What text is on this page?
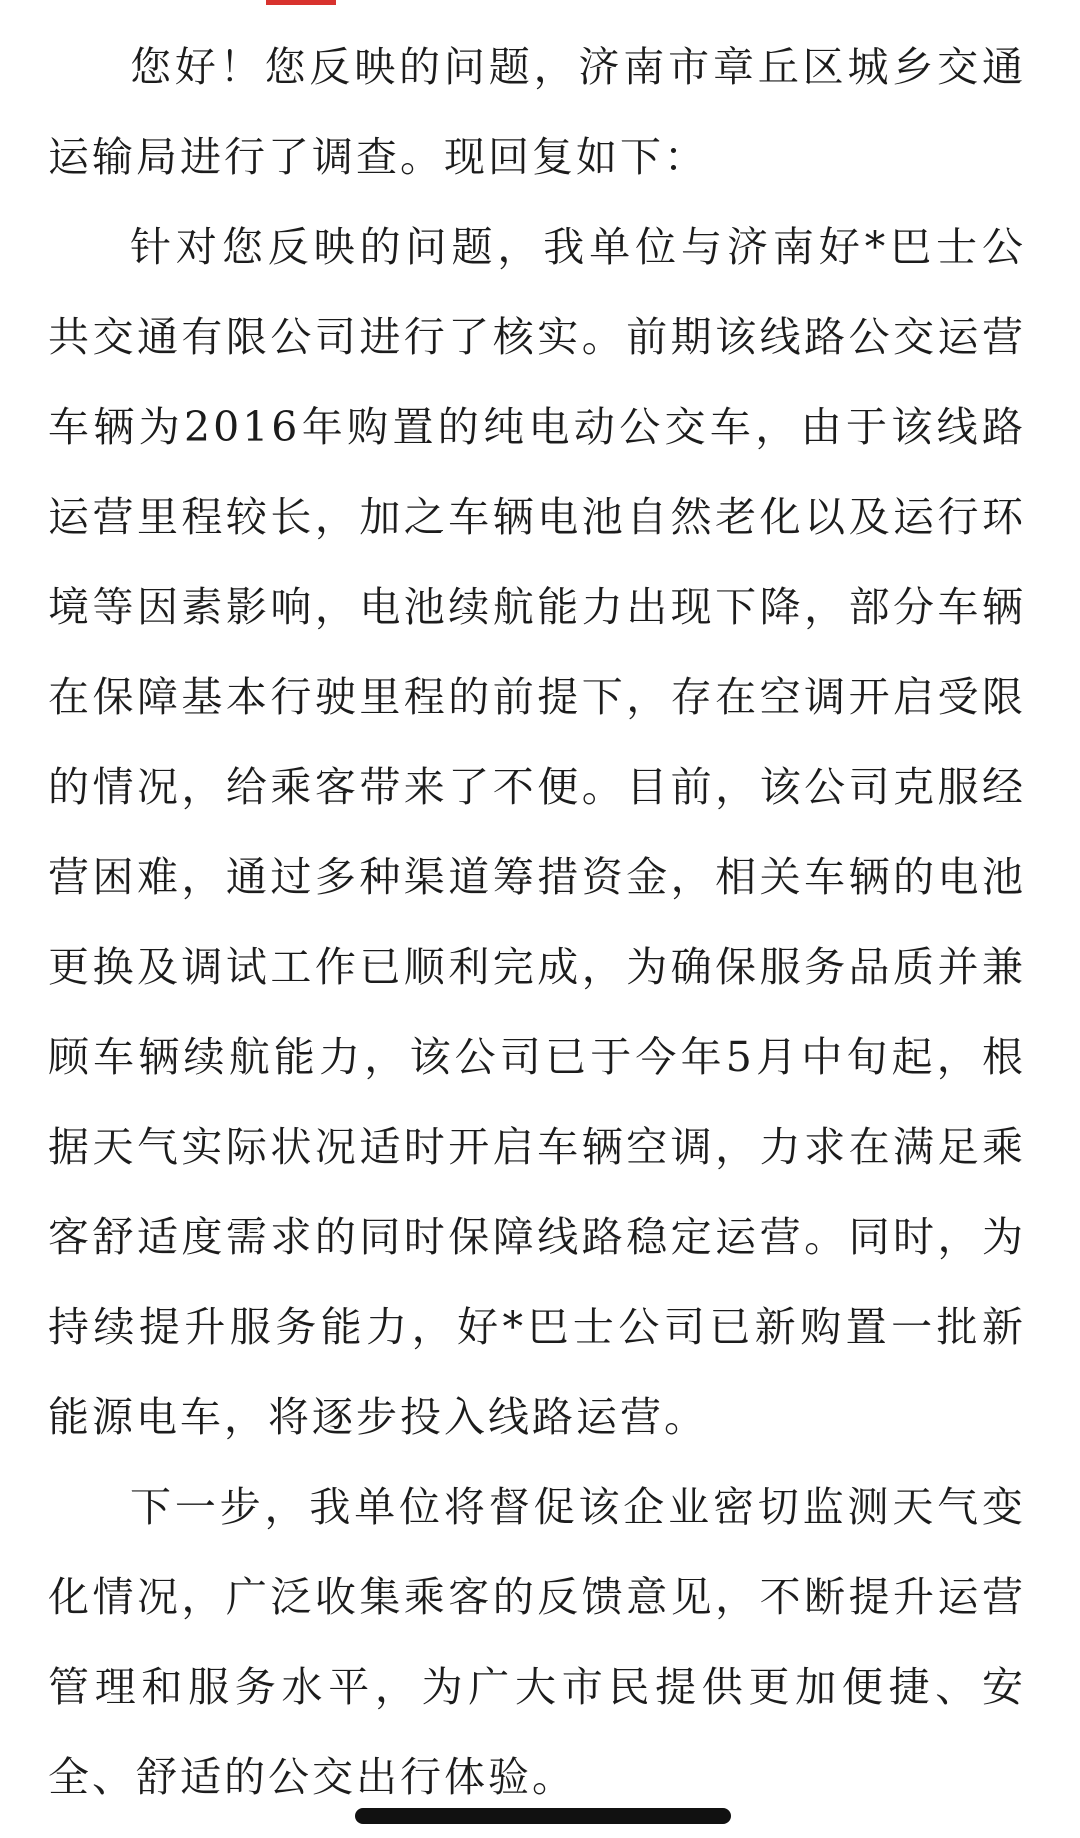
您好！您反映的问题，济南市章丘区城乡交通运输局进行了调查。现回复如下：

针对您反映的问题，我单位与济南好*巴士公共交通有限公司进行了核实。前期该线路公交运营车辆为2016年购置的纯电动公交车，由于该线路运营里程较长，加之车辆电池自然老化以及运行环境等因素影响，电池续航能力出现下降，部分车辆在保障基本行驶里程的前提下，存在空调开启受限的情况，给乘客带来了不便。目前，该公司克服经营困难，通过多种渠道筹措资金，相关车辆的电池更换及调试工作已顺利完成，为确保服务品质并兼顾车辆续航能力，该公司已于今年5月中旬起，根据天气实际状况适时开启车辆空调，力求在满足乘客舒适度需求的同时保障线路稳定运营。同时，为持续提升服务能力，好*巴士公司已新购置一批新能源电车，将逐步投入线路运营。

下一步，我单位将督促该企业密切监测天气变化情况，广泛收集乘客的反馈意见，不断提升运营管理和服务水平，为广大市民提供更加便捷、安全、舒适的公交出行体验。
